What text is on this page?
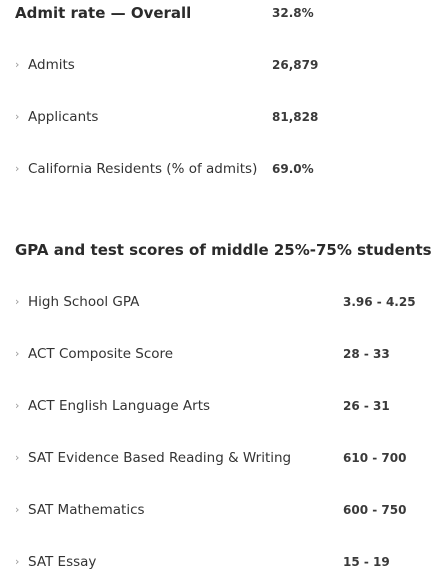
Admit rate — Overall	32.8%
› Admits	26,879
› Applicants	81,828
› California Residents (% of admits) 69.0%
GPA and test scores of middle 25%-75% students
› High School GPA	3.96 - 4.25
› ACT Composite Score	28 - 33
› ACT English Language Arts	26 - 31
› SAT Evidence Based Reading & Writing	610 - 700
› SAT Mathematics	600 - 750
› SAT Essay	15 - 19
